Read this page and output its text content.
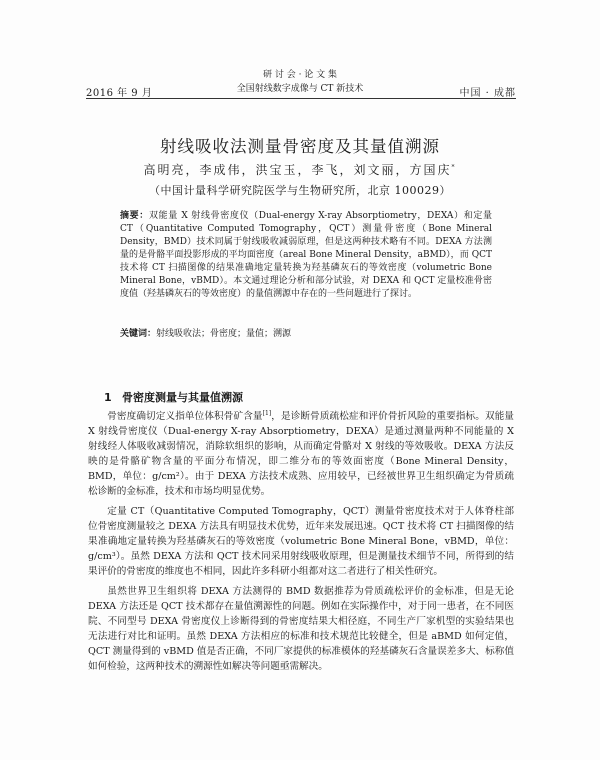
2016 年 9 月
研 讨 会 · 论 文 集
全国射线数字成像与 CT 新技术	中国 · 成都
射线吸收法测量骨密度及其量值溯源
高明亮，李成伟，洪宝玉，李飞，刘文丽，方国庆*
（中国计量科学研究院医学与生物研究所，北京 100029）
摘要：双能量 X 射线骨密度仪（Dual-energy X-ray Absorptiometry，DEXA）和定量 CT（Quantitative Computed Tomography，QCT）测量骨密度（Bone Mineral Density，BMD）技术同属于射线吸收减弱原理，但是这两种技术略有不同。DEXA 方法测量的是骨骼平面投影形成的平均面密度（areal Bone Mineral Density，aBMD），而 QCT 技术将 CT 扫描图像的结果准确地定量转换为羟基磷灰石的等效密度（volumetric Bone Mineral Bone，vBMD）。本文通过理论分析和部分试验，对 DEXA 和 QCT 定量校准骨密度值（羟基磷灰石的等效密度）的量值溯源中存在的一些问题进行了探讨。
关键词：射线吸收法；骨密度；量值；溯源
1 骨密度测量与其量值溯源

骨密度确切定义指单位体积骨矿含量[1]，是诊断骨质疏松症和评价骨折风险的重要指标。双能量 X 射线骨密度仪（Dual-energy X-ray Absorptiometry，DEXA）是通过测量两种不同能量的 X 射线经人体吸收减弱情况，消除软组织的影响，从而确定骨骼对 X 射线的等效吸收。DEXA 方法反映的是骨骼矿物含量的平面分布情况，即二维分布的等效面密度（Bone Mineral Density，BMD，单位：g/cm²）。由于 DEXA 方法技术成熟、应用较早，已经被世界卫生组织确定为骨质疏松诊断的金标准，技术和市场均明显优势。

定量 CT（Quantitative Computed Tomography，QCT）测量骨密度技术对于人体脊柱部位骨密度测量较之 DEXA 方法具有明显技术优势，近年来发展迅速。QCT 技术将 CT 扫描图像的结果准确地定量转换为羟基磷灰石的等效密度（volumetric Bone Mineral Bone，vBMD，单位：g/cm³）。虽然 DEXA 方法和 QCT 技术同采用射线吸收原理，但是测量技术细节不同，所得到的结果评价的骨密度的维度也不相同，因此许多科研小组都对这二者进行了相关性研究。

虽然世界卫生组织将 DEXA 方法测得的 BMD 数据推荐为骨质疏松评价的金标准，但是无论 DEXA 方法还是 QCT 技术都存在量值溯源性的问题。例如在实际操作中，对于同一患者，在不同医院、不同型号 DEXA 骨密度仪上诊断得到的骨密度结果大相径庭，不同生产厂家机型的实验结果也无法进行对比和证明。虽然 DEXA 方法相应的标准和技术规范比较健全，但是 aBMD 如何定值，QCT 测量得到的 vBMD 值是否正确，不同厂家提供的标准模体的羟基磷灰石含量误差多大、标称值如何检验，这两种技术的溯源性如解决等问题亟需解决。
